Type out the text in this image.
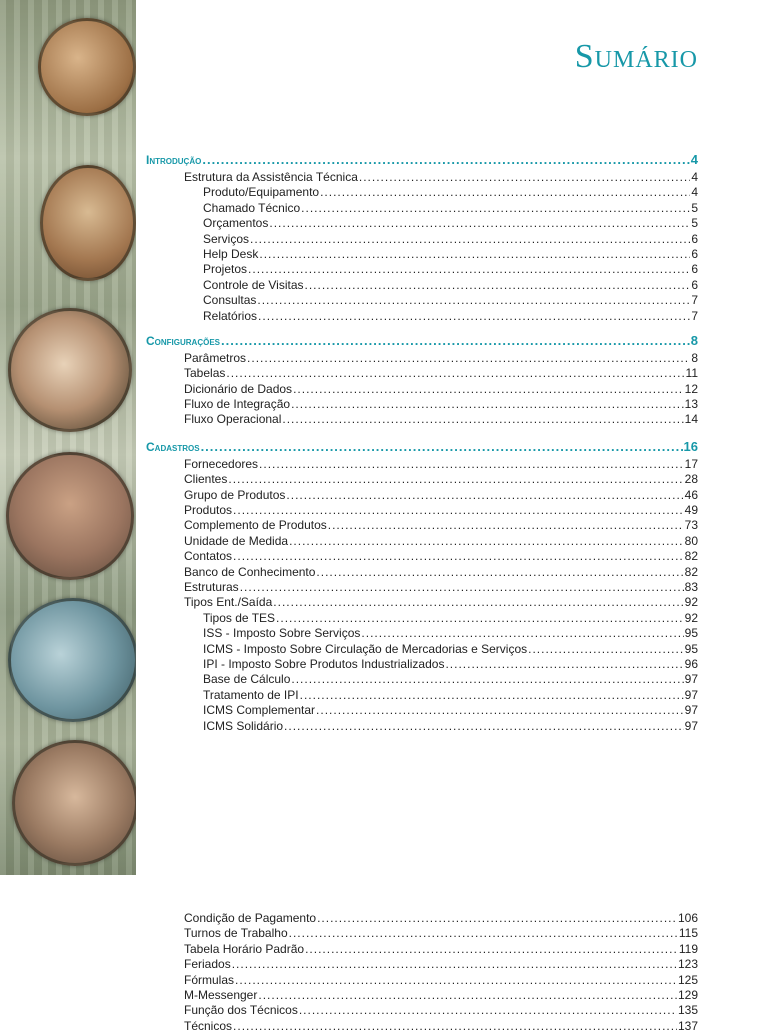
Sumário
Introdução .....	4
Estrutura da Assistência Técnica .....	4
Produto/Equipamento .....	4
Chamado Técnico .....	5
Orçamentos .....	5
Serviços .....	6
Help Desk .....	6
Projetos .....	6
Controle de Visitas .....	6
Consultas .....	7
Relatórios .....	7
Configurações .....	8
Parâmetros .....	8
Tabelas .....	11
Dicionário de Dados .....	12
Fluxo de Integração .....	13
Fluxo Operacional .....	14
Cadastros .....	16
Fornecedores .....	17
Clientes .....	28
Grupo de Produtos .....	46
Produtos .....	49
Complemento de Produtos .....	73
Unidade de Medida .....	80
Contatos .....	82
Banco de Conhecimento .....	82
Estruturas .....	83
Tipos Ent./Saída .....	92
Tipos de TES .....	92
ISS - Imposto Sobre Serviços .....	95
ICMS - Imposto Sobre Circulação de Mercadorias e Serviços .....	95
IPI - Imposto Sobre Produtos Industrializados .....	96
Base de Cálculo .....	97
Tratamento de IPI .....	97
ICMS Complementar .....	97
ICMS Solidário .....	97
Condição de Pagamento .....	106
Turnos de Trabalho .....	115
Tabela Horário Padrão .....	119
Feriados .....	123
Fórmulas .....	125
M-Messenger .....	129
Função dos Técnicos .....	135
Técnicos .....	137
